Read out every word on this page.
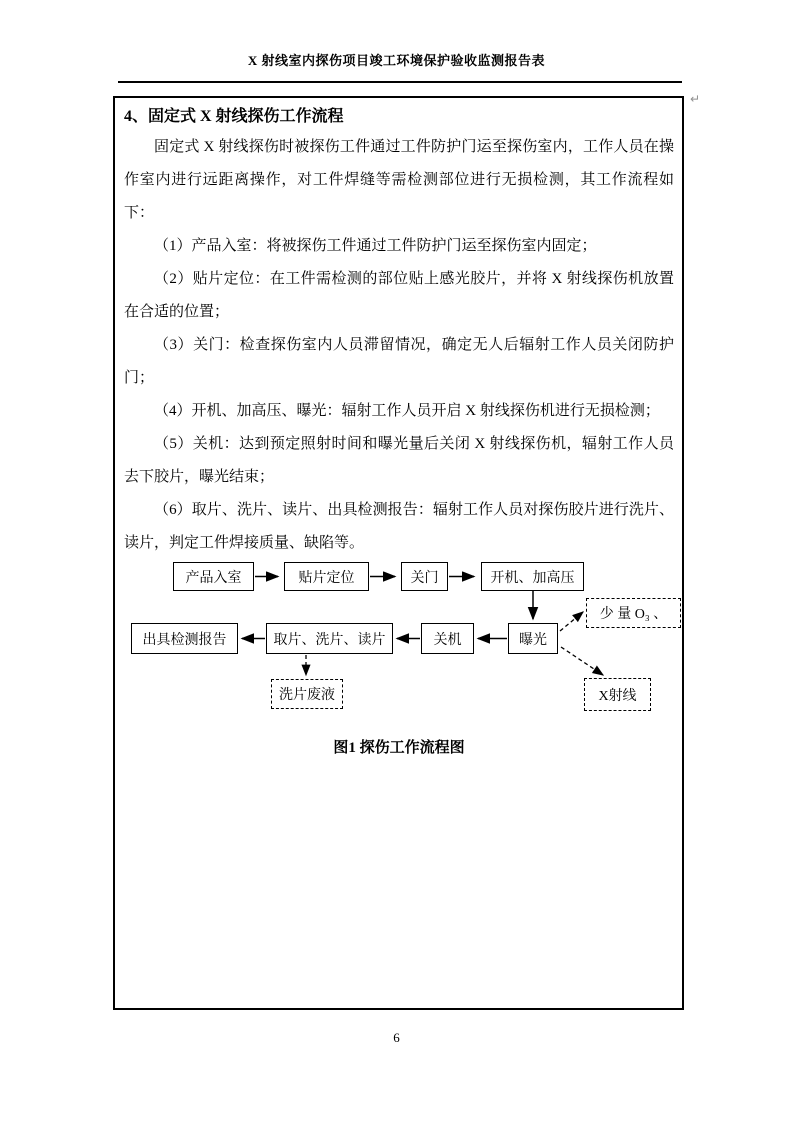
X 射线室内探伤项目竣工环境保护验收监测报告表
↵
4、固定式 X 射线探伤工作流程

固定式 X 射线探伤时被探伤工件通过工件防护门运至探伤室内，工作人员在操作室内进行远距离操作，对工件焊缝等需检测部位进行无损检测，其工作流程如下：

（1）产品入室：将被探伤工件通过工件防护门运至探伤室内固定；

（2）贴片定位：在工件需检测的部位贴上感光胶片，并将 X 射线探伤机放置在合适的位置；

（3）关门：检查探伤室内人员滞留情况，确定无人后辐射工作人员关闭防护门；

（4）开机、加高压、曝光：辐射工作人员开启 X 射线探伤机进行无损检测；

（5）关机：达到预定照射时间和曝光量后关闭 X 射线探伤机，辐射工作人员去下胶片，曝光结束；

（6）取片、洗片、读片、出具检测报告：辐射工作人员对探伤胶片进行洗片、读片，判定工件焊接质量、缺陷等。

产品入室	贴片定位	关门	开机、加高压
出具检测报告	取片、洗片、读片	关机	曝光
少 量 O₃ 、
X射线
洗片废液
图1 探伤工作流程图
6
